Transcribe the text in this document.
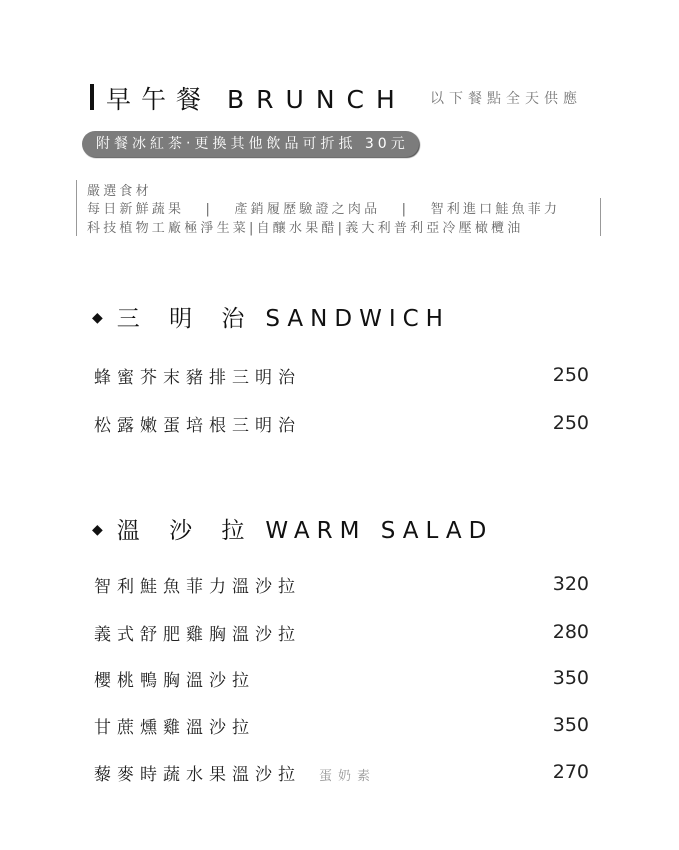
早午餐 BRUNCH 以下餐點全天供應
附餐冰紅茶‧更換其他飲品可折抵 30元
嚴選食材
每日新鮮蔬果 | 產銷履歷驗證之肉品 | 智利進口鮭魚菲力
科技植物工廠極淨生菜|自釀水果醋|義大利普利亞冷壓橄欖油
◆ 三 明 治 SANDWICH
蜂蜜芥末豬排三明治	250
松露嫩蛋培根三明治	250
◆ 溫 沙 拉 WARM SALAD
智利鮭魚菲力溫沙拉	320
義式舒肥雞胸溫沙拉	280
櫻桃鴨胸溫沙拉	350
甘蔗燻雞溫沙拉	350
藜麥時蔬水果溫沙拉 蛋奶素	270
